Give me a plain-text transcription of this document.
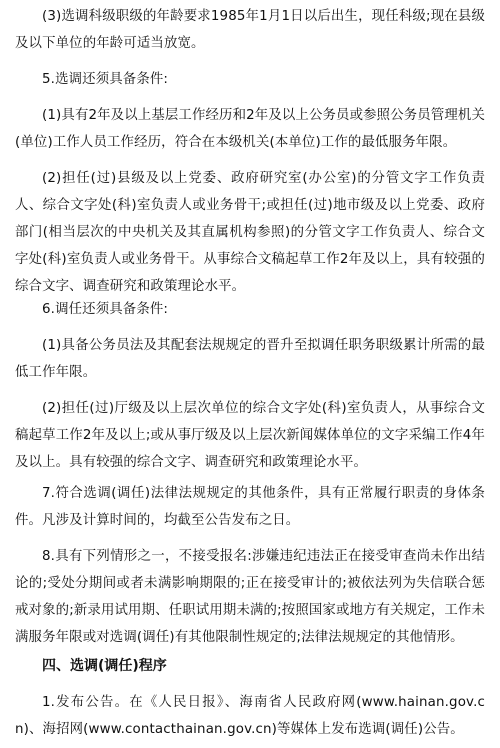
(3)选调科级职级的年龄要求1985年1月1日以后出生，现任科级;现在县级及以下单位的年龄可适当放宽。

5.选调还须具备条件:

(1)具有2年及以上基层工作经历和2年及以上公务员或参照公务员管理机关(单位)工作人员工作经历，符合在本级机关(本单位)工作的最低服务年限。

(2)担任(过)县级及以上党委、政府研究室(办公室)的分管文字工作负责人、综合文字处(科)室负责人或业务骨干;或担任(过)地市级及以上党委、政府部门(相当层次的中央机关及其直属机构参照)的分管文字工作负责人、综合文字处(科)室负责人或业务骨干。从事综合文稿起草工作2年及以上，具有较强的综合文字、调查研究和政策理论水平。

6.调任还须具备条件:

(1)具备公务员法及其配套法规规定的晋升至拟调任职务职级累计所需的最低工作年限。

(2)担任(过)厅级及以上层次单位的综合文字处(科)室负责人，从事综合文稿起草工作2年及以上;或从事厅级及以上层次新闻媒体单位的文字采编工作4年及以上。具有较强的综合文字、调查研究和政策理论水平。

7.符合选调(调任)法律法规规定的其他条件，具有正常履行职责的身体条件。凡涉及计算时间的，均截至公告发布之日。

8.具有下列情形之一，不接受报名:涉嫌违纪违法正在接受审查尚未作出结论的;受处分期间或者未满影响期限的;正在接受审计的;被依法列为失信联合惩戒对象的;新录用试用期、任职试用期未满的;按照国家或地方有关规定，工作未满服务年限或对选调(调任)有其他限制性规定的;法律法规规定的其他情形。

四、选调(调任)程序

1.发布公告。在《人民日报》、海南省人民政府网(www.hainan.gov.cn)、海招网(www.contacthainan.gov.cn)等媒体上发布选调(调任)公告。
